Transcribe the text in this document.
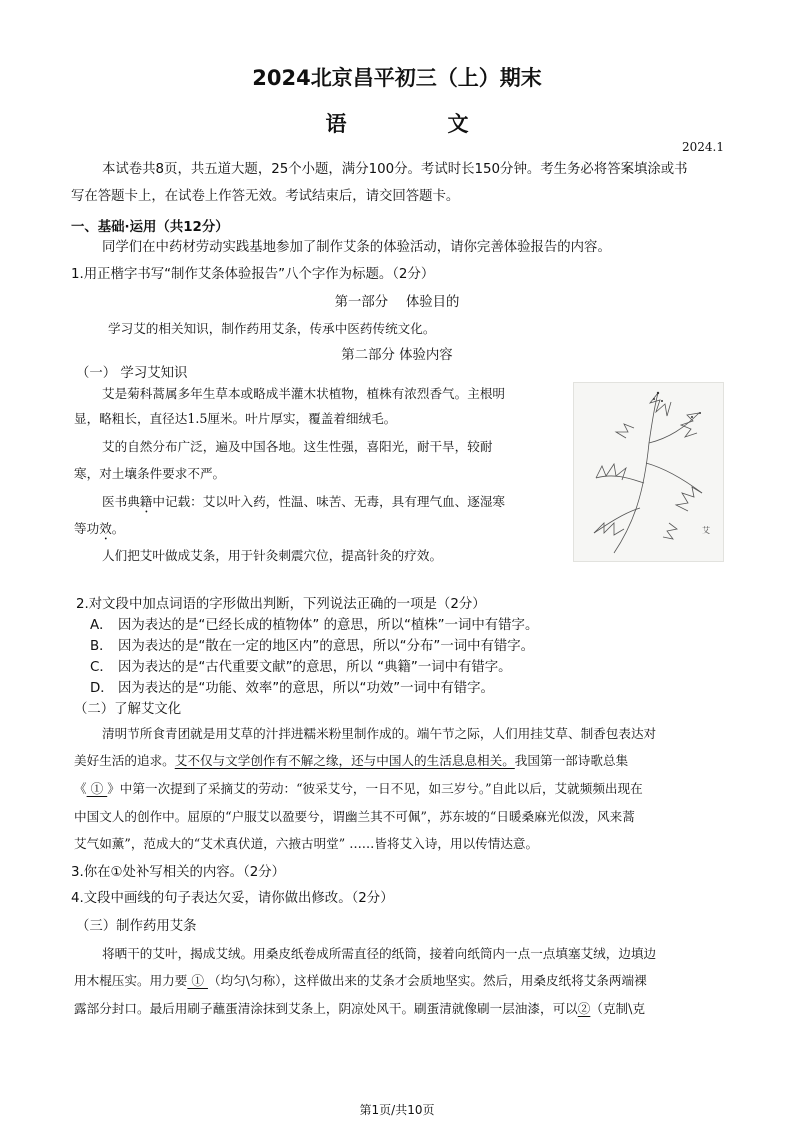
2024北京昌平初三（上）期末
语　文
2024.1
本试卷共8页，共五道大题，25个小题，满分100分。考试时长150分钟。考生务必将答案填涂或书
写在答题卡上，在试卷上作答无效。考试结束后，请交回答题卡。
一、基础·运用（共12分）
同学们在中药材劳动实践基地参加了制作艾条的体验活动，请你完善体验报告的内容。
1.用正楷字书写“制作艾条体验报告”八个字作为标题。（2分）
第一部分　 体验目的
学习艾的相关知识，制作药用艾条，传承中医药传统文化。
第二部分 体验内容
（一） 学习艾知识
艾是菊科蒿属多年生草本或略成半灌木状植物，植株有浓烈香气。主根明
显，略粗长，直径达1.5厘米。叶片厚实，覆盖着细绒毛。
艾的自然分布广泛，遍及中国各地。这生性强，喜阳光，耐干旱，较耐
寒，对土壤条件要求不严。
医书典籍中记载：艾以叶入药，性温、味苦、无毒，具有理气血、逐湿寒
等功效。
人们把艾叶做成艾条，用于针灸刺震穴位，提高针灸的疗效。
艾
2.对文段中加点词语的字形做出判断，下列说法正确的一项是（2分）
A． 因为表达的是“已经长成的植物体” 的意思，所以“植株”一词中有错字。
B． 因为表达的是“散在一定的地区内”的意思，所以“分布”一词中有错字。
C． 因为表达的是“古代重要文献”的意思，所以 “典籍”一词中有错字。
D． 因为表达的是“功能、效率”的意思，所以“功效”一词中有错字。
（二）了解艾文化
清明节所食青团就是用艾草的汁拌进糯米粉里制作成的。端午节之际，人们用挂艾草、制香包表达对
美好生活的追求。艾不仅与文学创作有不解之缘，还与中国人的生活息息相关。我国第一部诗歌总集
《 ① 》中第一次提到了采摘艾的劳动：“彼采艾兮，一日不见，如三岁兮。”自此以后，艾就频频出现在
中国文人的创作中。屈原的“户服艾以盈要兮，谓幽兰其不可佩”，苏东坡的“日暖桑麻光似泼，风来蒿
艾气如薰”，范成大的“艾术真伏道，六掖古明堂” ……皆将艾入诗，用以传情达意。
3.你在①处补写相关的内容。（2分）
4.文段中画线的句子表达欠妥，请你做出修改。（2分）
（三）制作药用艾条
将晒干的艾叶，揭成艾绒。用桑皮纸卷成所需直径的纸筒，接着向纸筒内一点一点填塞艾绒，边填边
用木棍压实。用力要 ① （均匀\匀称），这样做出来的艾条才会质地坚实。然后，用桑皮纸将艾条两端裸
露部分封口。最后用刷子蘸蛋清涂抹到艾条上，阴凉处风干。刷蛋清就像刷一层油漆，可以②（克制\克
第1页/共10页
